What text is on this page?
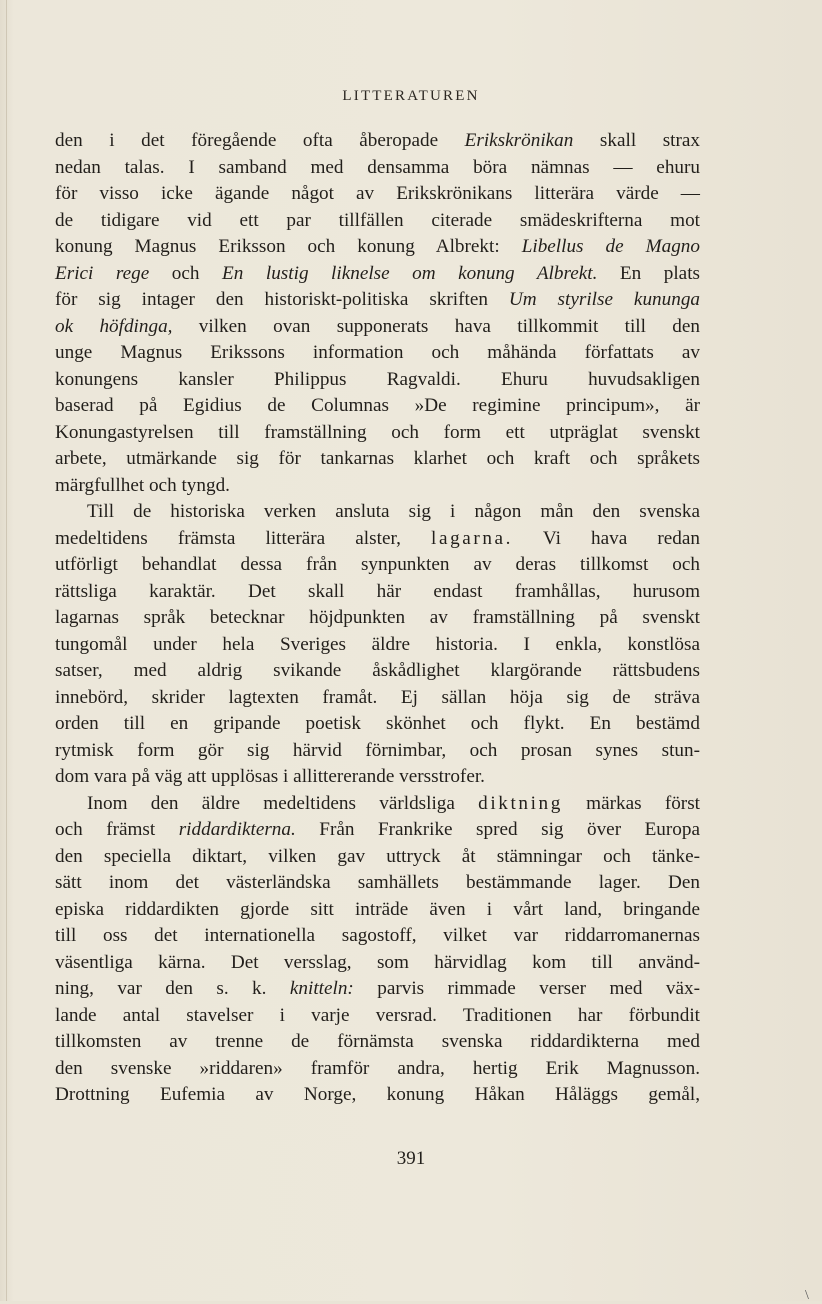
LITTERATUREN
den i det föregående ofta åberopade Erikskrönikan skall strax
nedan talas. I samband med densamma böra nämnas — ehuru
för visso icke ägande något av Erikskrönikans litterära värde —
de tidigare vid ett par tillfällen citerade smädeskrifterna mot
konung Magnus Eriksson och konung Albrekt: Libellus de Magno
Erici rege och En lustig liknelse om konung Albrekt. En plats
för sig intager den historiskt-politiska skriften Um styrilse kununga
ok höfdinga, vilken ovan supponerats hava tillkommit till den
unge Magnus Erikssons information och måhända författats av
konungens kansler Philippus Ragvaldi. Ehuru huvudsakligen
baserad på Egidius de Columnas »De regimine principum», är
Konungastyrelsen till framställning och form ett utpräglat svenskt
arbete, utmärkande sig för tankarnas klarhet och kraft och språkets
märgfullhet och tyngd.
Till de historiska verken ansluta sig i någon mån den svenska
medeltidens främsta litterära alster, lagarna. Vi hava redan
utförligt behandlat dessa från synpunkten av deras tillkomst och
rättsliga karaktär. Det skall här endast framhållas, hurusom
lagarnas språk betecknar höjdpunkten av framställning på svenskt
tungomål under hela Sveriges äldre historia. I enkla, konstlösa
satser, med aldrig svikande åskådlighet klargörande rättsbudens
innebörd, skrider lagtexten framåt. Ej sällan höja sig de sträva
orden till en gripande poetisk skönhet och flykt. En bestämd
rytmisk form gör sig härvid förnimbar, och prosan synes stun-
dom vara på väg att upplösas i allittererande versstrofer.
Inom den äldre medeltidens världsliga diktning märkas först
och främst riddardikterna. Från Frankrike spred sig över Europa
den speciella diktart, vilken gav uttryck åt stämningar och tänke-
sätt inom det västerländska samhällets bestämmande lager. Den
episka riddardikten gjorde sitt inträde även i vårt land, bringande
till oss det internationella sagostoff, vilket var riddarromanernas
väsentliga kärna. Det versslag, som härvidlag kom till använd-
ning, var den s. k. knitteln: parvis rimmade verser med väx-
lande antal stavelser i varje versrad. Traditionen har förbundit
tillkomsten av trenne de förnämsta svenska riddardikterna med
den svenske »riddaren» framför andra, hertig Erik Magnusson.
Drottning Eufemia av Norge, konung Håkan Håläggs gemål,
391
\
